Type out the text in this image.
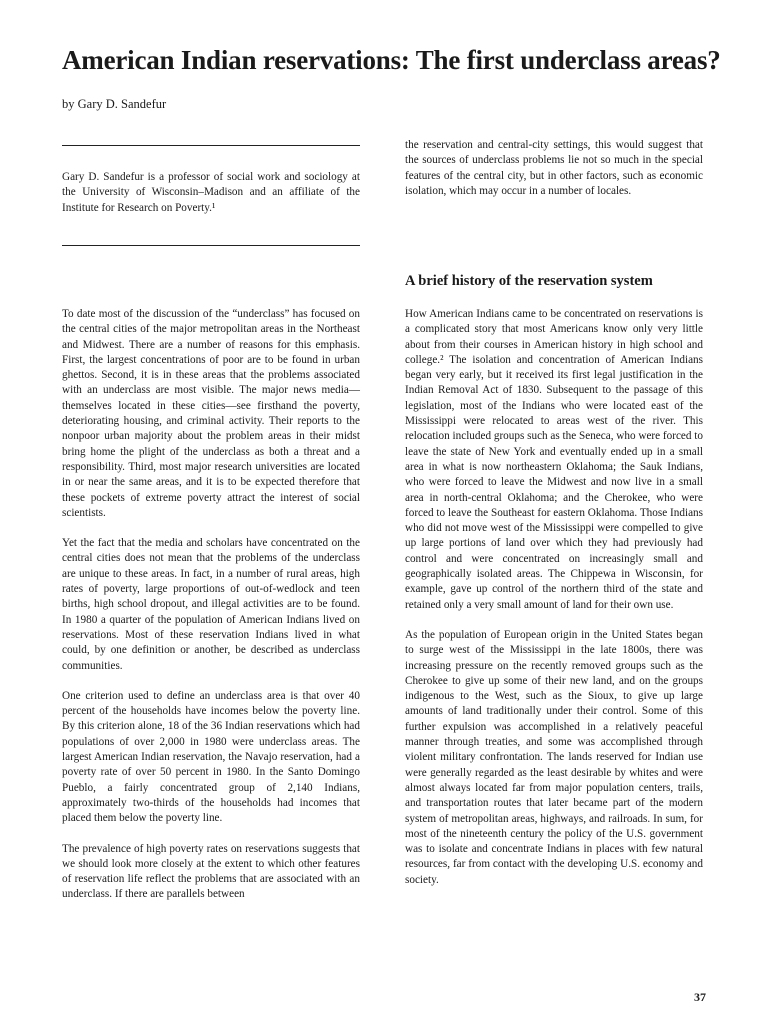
American Indian reservations: The first underclass areas?
by Gary D. Sandefur

Gary D. Sandefur is a professor of social work and sociology at the University of Wisconsin–Madison and an affiliate of the Institute for Research on Poverty.¹

To date most of the discussion of the “underclass” has focused on the central cities of the major metropolitan areas in the Northeast and Midwest. There are a number of reasons for this emphasis. First, the largest concentrations of poor are to be found in urban ghettos. Second, it is in these areas that the problems associated with an underclass are most visible. The major news media—themselves located in these cities—see firsthand the poverty, deteriorating housing, and criminal activity. Their reports to the nonpoor urban majority about the problem areas in their midst bring home the plight of the underclass as both a threat and a responsibility. Third, most major research universities are located in or near the same areas, and it is to be expected therefore that these pockets of extreme poverty attract the interest of social scientists.

Yet the fact that the media and scholars have concentrated on the central cities does not mean that the problems of the underclass are unique to these areas. In fact, in a number of rural areas, high rates of poverty, large proportions of out-of-wedlock and teen births, high school dropout, and illegal activities are to be found. In 1980 a quarter of the population of American Indians lived on reservations. Most of these reservation Indians lived in what could, by one definition or another, be described as underclass communities.

One criterion used to define an underclass area is that over 40 percent of the households have incomes below the poverty line. By this criterion alone, 18 of the 36 Indian reservations which had populations of over 2,000 in 1980 were underclass areas. The largest American Indian reservation, the Navajo reservation, had a poverty rate of over 50 percent in 1980. In the Santo Domingo Pueblo, a fairly concentrated group of 2,140 Indians, approximately two-thirds of the households had incomes that placed them below the poverty line.

The prevalence of high poverty rates on reservations suggests that we should look more closely at the extent to which other features of reservation life reflect the problems that are associated with an underclass. If there are parallels between

the reservation and central-city settings, this would suggest that the sources of underclass problems lie not so much in the special features of the central city, but in other factors, such as economic isolation, which may occur in a number of locales.

A brief history of the reservation system

How American Indians came to be concentrated on reservations is a complicated story that most Americans know only very little about from their courses in American history in high school and college.² The isolation and concentration of American Indians began very early, but it received its first legal justification in the Indian Removal Act of 1830. Subsequent to the passage of this legislation, most of the Indians who were located east of the Mississippi were relocated to areas west of the river. This relocation included groups such as the Seneca, who were forced to leave the state of New York and eventually ended up in a small area in what is now northeastern Oklahoma; the Sauk Indians, who were forced to leave the Midwest and now live in a small area in north-central Oklahoma; and the Cherokee, who were forced to leave the Southeast for eastern Oklahoma. Those Indians who did not move west of the Mississippi were compelled to give up large portions of land over which they had previously had control and were concentrated on increasingly small and geographically isolated areas. The Chippewa in Wisconsin, for example, gave up control of the northern third of the state and retained only a very small amount of land for their own use.

As the population of European origin in the United States began to surge west of the Mississippi in the late 1800s, there was increasing pressure on the recently removed groups such as the Cherokee to give up some of their new land, and on the groups indigenous to the West, such as the Sioux, to give up large amounts of land traditionally under their control. Some of this further expulsion was accomplished in a relatively peaceful manner through treaties, and some was accomplished through violent military confrontation. The lands reserved for Indian use were generally regarded as the least desirable by whites and were almost always located far from major population centers, trails, and transportation routes that later became part of the modern system of metropolitan areas, highways, and railroads. In sum, for most of the nineteenth century the policy of the U.S. government was to isolate and concentrate Indians in places with few natural resources, far from contact with the developing U.S. economy and society.

37
